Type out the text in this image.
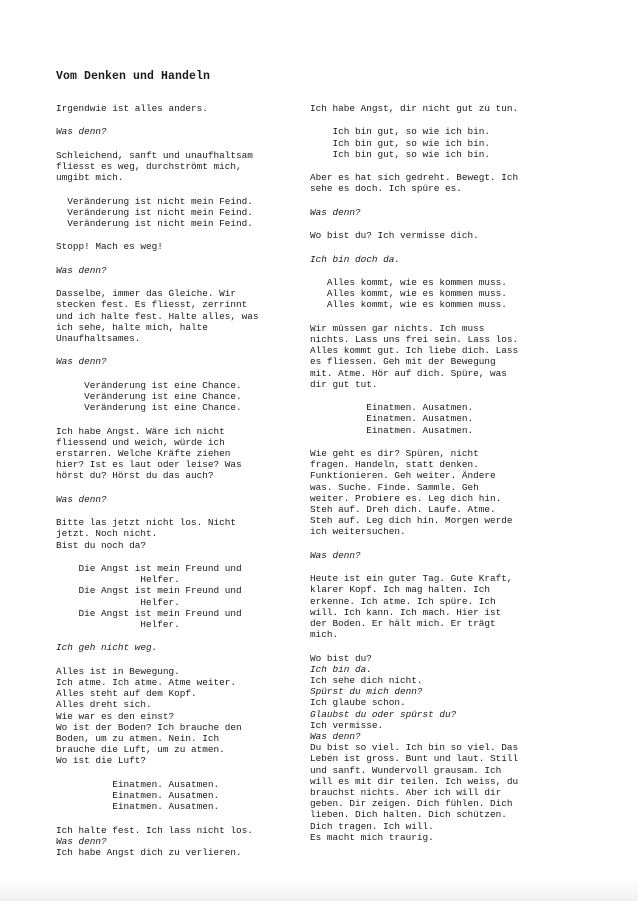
Vom Denken und Handeln
Irgendwie ist alles anders.
Was denn?
Schleichend, sanft und unaufhaltsam
fliesst es weg, durchströmt mich,
umgibt mich.
Veränderung ist nicht mein Feind.
Veränderung ist nicht mein Feind.
Veränderung ist nicht mein Feind.
Stopp! Mach es weg!
Was denn?
Dasselbe, immer das Gleiche. Wir
stecken fest. Es fliesst, zerrinnt
und ich halte fest. Halte alles, was
ich sehe, halte mich, halte
Unaufhaltsames.
Was denn?
Veränderung ist eine Chance.
Veränderung ist eine Chance.
Veränderung ist eine Chance.
Ich habe Angst. Wäre ich nicht
fliessend und weich, würde ich
erstarren. Welche Kräfte ziehen
hier? Ist es laut oder leise? Was
hörst du? Hörst du das auch?
Was denn?
Bitte las jetzt nicht los. Nicht
jetzt. Noch nicht.
Bist du noch da?
Die Angst ist mein Freund und
Helfer.
Die Angst ist mein Freund und
Helfer.
Die Angst ist mein Freund und
Helfer.
Ich geh nicht weg.
Alles ist in Bewegung.
Ich atme. Ich atme. Atme weiter.
Alles steht auf dem Kopf.
Alles dreht sich.
Wie war es den einst?
Wo ist der Boden? Ich brauche den
Boden, um zu atmen. Nein. Ich
brauche die Luft, um zu atmen.
Wo ist die Luft?
Einatmen. Ausatmen.
Einatmen. Ausatmen.
Einatmen. Ausatmen.
Ich halte fest. Ich lass nicht los.
Was denn?
Ich habe Angst dich zu verlieren.
Ich habe Angst, dir nicht gut zu tun.
Ich bin gut, so wie ich bin.
Ich bin gut, so wie ich bin.
Ich bin gut, so wie ich bin.
Aber es hat sich gedreht. Bewegt. Ich
sehe es doch. Ich spüre es.
Was denn?
Wo bist du? Ich vermisse dich.
Ich bin doch da.
Alles kommt, wie es kommen muss.
Alles kommt, wie es kommen muss.
Alles kommt, wie es kommen muss.
Wir müssen gar nichts. Ich muss
nichts. Lass uns frei sein. Lass los.
Alles kommt gut. Ich liebe dich. Lass
es fliessen. Geh mit der Bewegung
mit. Atme. Hör auf dich. Spüre, was
dir gut tut.
Einatmen. Ausatmen.
Einatmen. Ausatmen.
Einatmen. Ausatmen.
Wie geht es dir? Spüren, nicht
fragen. Handeln, statt denken.
Funktionieren. Geh weiter. Ändere
was. Suche. Finde. Sammle. Geh
weiter. Probiere es. Leg dich hin.
Steh auf. Dreh dich. Laufe. Atme.
Steh auf. Leg dich hin. Morgen werde
ich weitersuchen.
Was denn?
Heute ist ein guter Tag. Gute Kraft,
klarer Kopf. Ich mag halten. Ich
erkenne. Ich atme. Ich spüre. Ich
will. Ich kann. Ich mach. Hier ist
der Boden. Er hält mich. Er trägt
mich.
Wo bist du?
Ich bin da.
Ich sehe dich nicht.
Spürst du mich denn?
Ich glaube schon.
Glaubst du oder spürst du?
Ich vermisse.
Was denn?
Du bist so viel. Ich bin so viel. Das
Leben ist gross. Bunt und laut. Still
und sanft. Wundervoll grausam. Ich
will es mit dir teilen. Ich weiss, du
brauchst nichts. Aber ich will dir
geben. Dir zeigen. Dich fühlen. Dich
lieben. Dich halten. Dich schützen.
Dich tragen. Ich will.
Es macht mich traurig.
